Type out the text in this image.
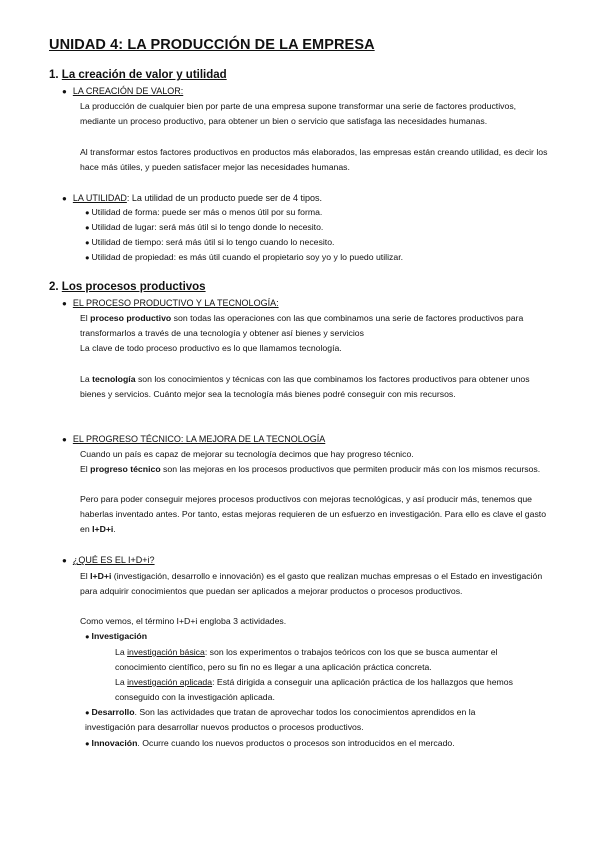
UNIDAD 4: LA PRODUCCIÓN DE LA EMPRESA
1. La creación de valor y utilidad
● LA CREACIÓN DE VALOR:

La producción de cualquier bien por parte de una empresa supone transformar una serie de factores productivos, mediante un proceso productivo, para obtener un bien o servicio que satisfaga las necesidades humanas.

Al transformar estos factores productivos en productos más elaborados, las empresas están creando utilidad, es decir los hace más útiles, y pueden satisfacer mejor las necesidades humanas.

● LA UTILIDAD: La utilidad de un producto puede ser de 4 tipos.
● Utilidad de forma: puede ser más o menos útil por su forma.
● Utilidad de lugar: será más útil si lo tengo donde lo necesito.
● Utilidad de tiempo: será más útil si lo tengo cuando lo necesito.
● Utilidad de propiedad: es más útil cuando el propietario soy yo y lo puedo utilizar.
2. Los procesos productivos
● EL PROCESO PRODUCTIVO Y LA TECNOLOGÍA:

El proceso productivo son todas las operaciones con las que combinamos una serie de factores productivos para transformarlos a través de una tecnología y obtener así bienes y servicios

La clave de todo proceso productivo es lo que llamamos tecnología.

La tecnología son los conocimientos y técnicas con las que combinamos los factores productivos para obtener unos bienes y servicios. Cuánto mejor sea la tecnología más bienes podré conseguir con mis recursos.

● EL PROGRESO TÉCNICO: LA MEJORA DE LA TECNOLOGÍA

Cuando un país es capaz de mejorar su tecnología decimos que hay progreso técnico.

El progreso técnico son las mejoras en los procesos productivos que permiten producir más con los mismos recursos.

Pero para poder conseguir mejores procesos productivos con mejoras tecnológicas, y así producir más, tenemos que haberlas inventado antes. Por tanto, estas mejoras requieren de un esfuerzo en investigación. Para ello es clave el gasto en I+D+i.

● ¿QUÉ ES EL I+D+i?

El I+D+i (investigación, desarrollo e innovación) es el gasto que realizan muchas empresas o el Estado en investigación para adquirir conocimientos que puedan ser aplicados a mejorar productos o procesos productivos.

Como vemos, el término I+D+i engloba 3 actividades.

● Investigación

La investigación básica: son los experimentos o trabajos teóricos con los que se busca aumentar el conocimiento científico, pero su fin no es llegar a una aplicación práctica concreta.

La investigación aplicada: Está dirigida a conseguir una aplicación práctica de los hallazgos que hemos conseguido con la investigación aplicada.

● Desarrollo. Son las actividades que tratan de aprovechar todos los conocimientos aprendidos en la investigación para desarrollar nuevos productos o procesos productivos.

● Innovación. Ocurre cuando los nuevos productos o procesos son introducidos en el mercado.
